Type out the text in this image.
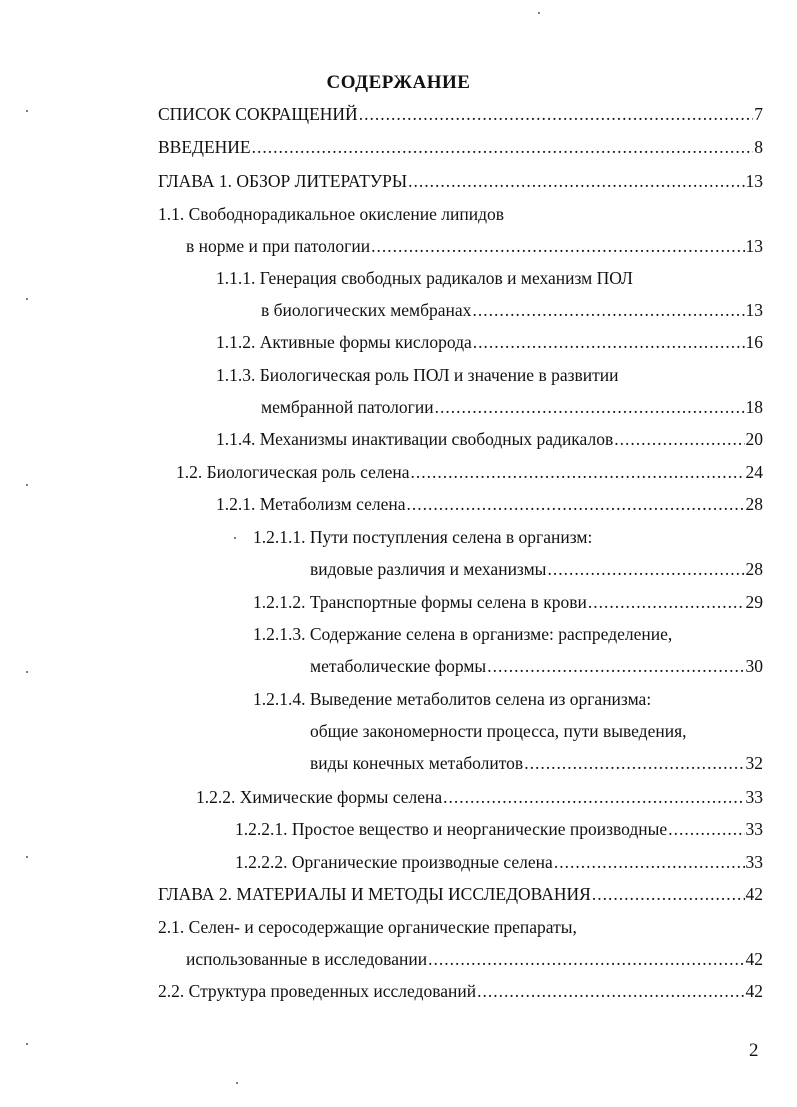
СОДЕРЖАНИЕ
СПИСОК СОКРАЩЕНИЙ .....	7
ВВЕДЕНИЕ .....	8
ГЛАВА 1. ОБЗОР ЛИТЕРАТУРЫ .....	13
1.1. Свободнорадикальное окисление липидов
в норме и при патологии .....	13
1.1.1. Генерация свободных радикалов и механизм ПОЛ
в биологических мембранах .....	13
1.1.2. Активные формы кислорода .....	16
1.1.3. Биологическая роль ПОЛ и значение в развитии
мембранной патологии .....	18
1.1.4. Механизмы инактивации свободных радикалов .....	20
1.2. Биологическая роль селена .....	24
1.2.1. Метаболизм селена .....	28
1.2.1.1. Пути поступления селена в организм:
видовые различия и механизмы .....	28
1.2.1.2. Транспортные формы селена в крови .....	29
1.2.1.3. Содержание селена в организме: распределение,
метаболические формы .....	30
1.2.1.4. Выведение метаболитов селена из организма:
общие закономерности процесса, пути выведения,
виды конечных метаболитов .....	32
1.2.2. Химические формы селена .....	33
1.2.2.1. Простое вещество и неорганические производные .....	33
1.2.2.2. Органические производные селена .....	33
ГЛАВА 2. МАТЕРИАЛЫ И МЕТОДЫ ИССЛЕДОВАНИЯ .....	42
2.1. Селен- и серосодержащие органические препараты,
использованные в исследовании .....	42
2.2. Структура проведенных исследований .....	42
2
